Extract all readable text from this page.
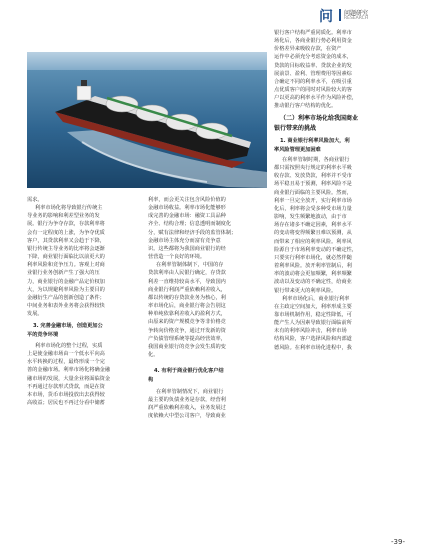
问 问题研究
RESEARCH
银行客户结构严重同质化。利率市
场化后，各商业银行势必利用资金
价格差异来吸收存款，在资产
运作中必须充分考虑资金的成本，
贷款的目标收益率、贷款企业的发
展前景、盈利、管理费用等因素综
合确定不同的利率水平，在吸引重
点优质客户的同时对风险较大的客
户以更高的利率水平作为风险补偿，
推动银行客户结构的优化。
（二）利率市场化给我国商业
银行带来的挑战
1. 商业银行利率风险加大，利
率风险管理更加困难
在利率管制时期，各商业银行
都只需按照央行规定的利率水平吸
收存款、发放贷款，利率并不受市
场平稳且易于预测，利率风险不是
商业银行面临的主要风险。然而，
利率一旦完全放开，实行利率市场
化后，利率将会受多种受市场力量
影响，发生频繁地波动，由于市
场存在诸多不确定因素，利率水平
的变动将变得频繁且难以预测，从
而带来了相应的利率风险。利率风
险源自于市场利率变动的不确定性，
只要实行利率市场化，就必然伴随
着利率风险。放开利率管制后，利
率的波动将会更加频繁，利率频繁
波动以及变动的不确定性，给商业
银行带来更大的利率风险。
利率市场化后，商业银行利率
在主政定空间加大，利率形成主要
靠市场机制作用，稳定性降低，可
能产生人为因素导致银行面临前所
未有的利率风险冲击，利率市场
结构风险，客户选择风险和内部道
德风险。在利率市场化进程中，我
需求。
利率市场化将导致银行传统主
导业务的影响和利差型业务的发
展。银行为争夺存款，存款利率将
会有一定程度的上涨，为争夺优质
客户，其贷款利率又会趋于下降，
银行传统主导业务的比率将会逐渐
下降，商业银行面临比以前更大的
利率风险和竞争压力。客观上对商
业银行业务创新产生了强大的压
力，商业银行的金融产品定价权加
大，为以规避利率风险为主要目的
金融衍生产品的创新创造了条件；
中间业务和表外业务将会获得较快
发展。
3. 完善金融市场，创造更加公
平的竞争环境
利率市场化的整个过程，实质
上是使金融市场由一个低水平向高
水平转换的过程，最终形成一个完
善的金融市场。利率市场化将确金融
融市场的发展，大量企业将面临资金
不再通过存款形式贷款，而是在资
本市场，货币市场投放出去获得较
高收益；居民也不再过分看中储蓄
利率，而会更关注包含风险价值的
金融市场收益。利率市场化能够形
成完善的金融市场：融资工具品种
齐全、结构合理；信息透明而制度化
分，赋有法律和经济手段的监管体制；
金融市场主体充分而富有竞争意
识。这些都将为我国商业银行的经
营营造一个良好的环境。
在利率管制体制下，中国的存
贷款利率由人民银行确定，存贷款
利差一直维持较高水平，导致国内
商业银行利润严重依赖利差收入，
都以传统的存贷款业务为核心，利
率市场化后，商业银行将会告别这
种单纯依靠利差收入的盈利方式，
由原来的资产规模竞争等非价格竞
争转向价格竞争，通过开发新的资
产负债管理系统等提高经营效率，
我国商业银行的竞争会发生质的变
化。
4. 有利于商业银行优化客户结
构
在利率管制情况下，商业银行
最主要的负债业务是存款，经营利
润严重依赖利差收入，业务发展过
度依赖大中型公司客户，导致商业
-39-
